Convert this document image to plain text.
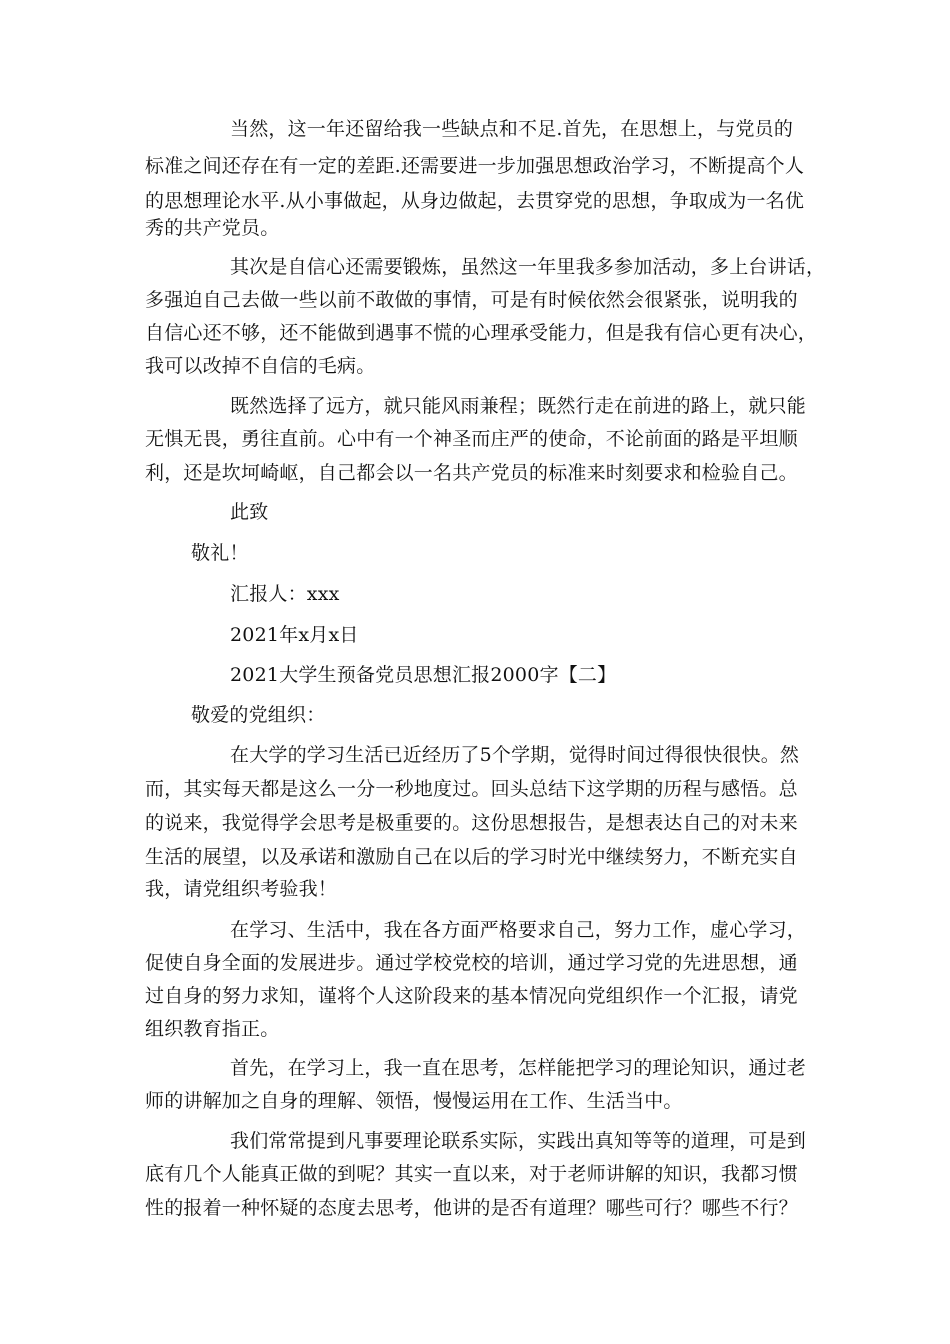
当然，这一年还留给我一些缺点和不足.首先，在思想上，与党员的
标准之间还存在有一定的差距.还需要进一步加强思想政治学习，不断提高个人
的思想理论水平.从小事做起，从身边做起，去贯穿党的思想，争取成为一名优
秀的共产党员。
其次是自信心还需要锻炼，虽然这一年里我多参加活动，多上台讲话，
多强迫自己去做一些以前不敢做的事情，可是有时候依然会很紧张，说明我的
自信心还不够，还不能做到遇事不慌的心理承受能力，但是我有信心更有决心，
我可以改掉不自信的毛病。
既然选择了远方，就只能风雨兼程；既然行走在前进的路上，就只能
无惧无畏，勇往直前。心中有一个神圣而庄严的使命，不论前面的路是平坦顺
利，还是坎坷崎岖，自己都会以一名共产党员的标准来时刻要求和检验自己。
此致
敬礼！
汇报人：xxx
2021年x月x日
2021大学生预备党员思想汇报2000字【二】
敬爱的党组织：
在大学的学习生活已近经历了5个学期，觉得时间过得很快很快。然
而，其实每天都是这么一分一秒地度过。回头总结下这学期的历程与感悟。总
的说来，我觉得学会思考是极重要的。这份思想报告，是想表达自己的对未来
生活的展望，以及承诺和激励自己在以后的学习时光中继续努力，不断充实自
我，请党组织考验我！
在学习、生活中，我在各方面严格要求自己，努力工作，虚心学习，
促使自身全面的发展进步。通过学校党校的培训，通过学习党的先进思想，通
过自身的努力求知，谨将个人这阶段来的基本情况向党组织作一个汇报，请党
组织教育指正。
首先，在学习上，我一直在思考，怎样能把学习的理论知识，通过老
师的讲解加之自身的理解、领悟，慢慢运用在工作、生活当中。
我们常常提到凡事要理论联系实际，实践出真知等等的道理，可是到
底有几个人能真正做的到呢？其实一直以来，对于老师讲解的知识，我都习惯
性的报着一种怀疑的态度去思考，他讲的是否有道理？哪些可行？哪些不行？
